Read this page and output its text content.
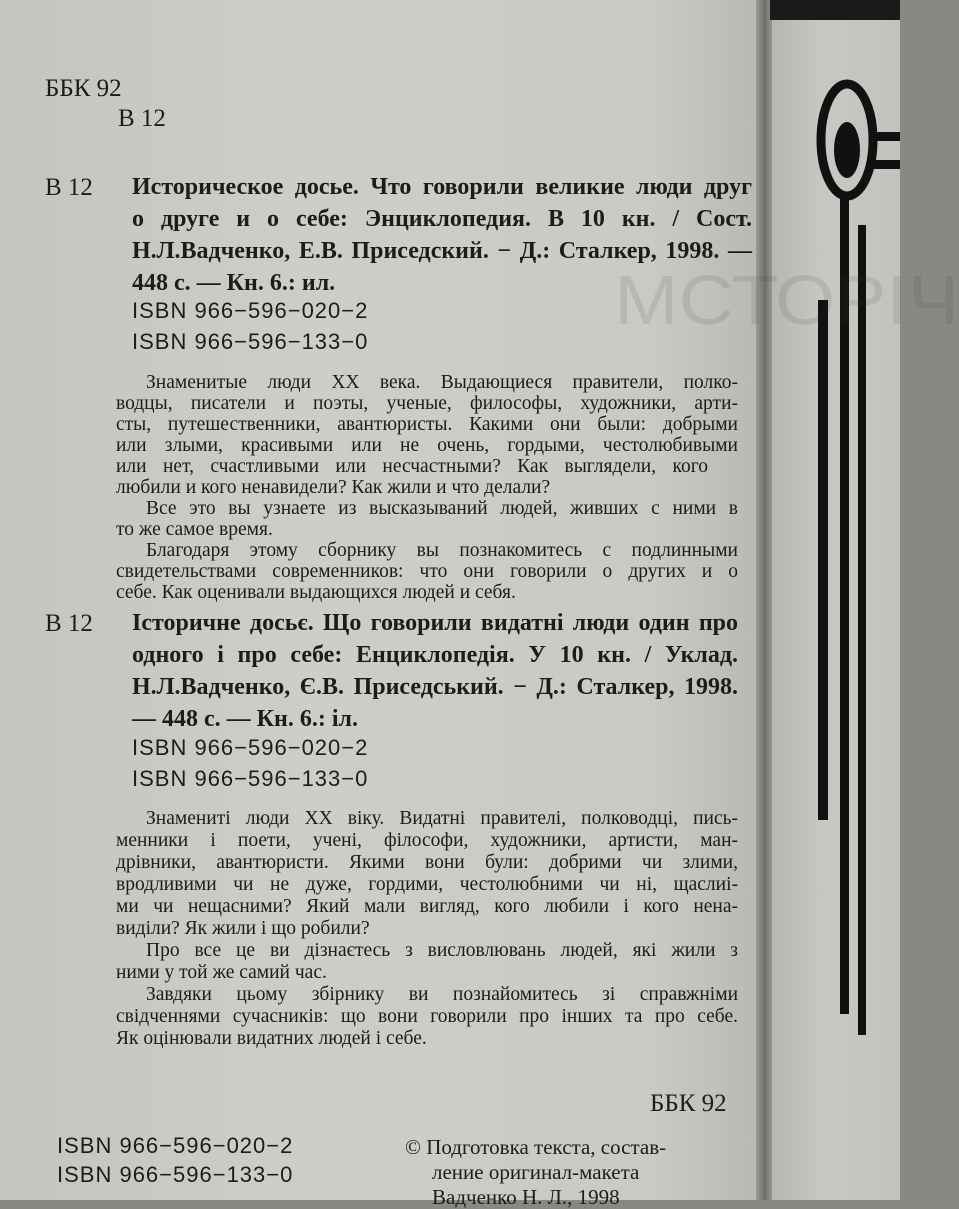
МСТОРІЧ
ББК 92
В 12
В 12 Историческое досье. Что говорили великие люди друг
о друге и о себе: Энциклопедия. В 10 кн. / Сост.
Н.Л.Вадченко, Е.В. Приседский. − Д.: Сталкер, 1998. —
448 с. — Кн. 6.: ил.
ISBN 966−596−020−2
ISBN 966−596−133−0
Знаменитые люди XX века. Выдающиеся правители, полко-
водцы, писатели и поэты, ученые, философы, художники, арти-
сты, путешественники, авантюристы. Какими они были: добрыми
или злыми, красивыми или не очень, гордыми, честолюбивыми
или нет, счастливыми или несчастными? Как выглядели, кого
любили и кого ненавидели? Как жили и что делали?
Все это вы узнаете из высказываний людей, живших с ними в
то же самое время.
Благодаря этому сборнику вы познакомитесь с подлинными
свидетельствами современников: что они говорили о других и о
себе. Как оценивали выдающихся людей и себя.
В 12 Історичне досьє. Що говорили видатні люди один про
одного і про себе: Енциклопедія. У 10 кн. / Уклад.
Н.Л.Вадченко, Є.В. Приседський. − Д.: Сталкер, 1998.
— 448 с. — Кн. 6.: іл.
ISBN 966−596−020−2
ISBN 966−596−133−0
Знамениті люди XX віку. Видатні правителі, полководці, пись-
менники і поети, учені, філософи, художники, артисти, ман-
дрівники, авантюристи. Якими вони були: добрими чи злими,
вродливими чи не дуже, гордими, честолюбними чи ні, щаслиі-
ми чи нещасними? Який мали вигляд, кого любили і кого нена-
виділи? Як жили і що робили?
Про все це ви дізнаєтесь з висловлювань людей, які жили з
ними у той же самий час.
Завдяки цьому збірнику ви познайомитесь зі справжніми
свідченнями сучасників: що вони говорили про інших та про себе.
Як оцінювали видатних людей і себе.
ББК 92
ISBN 966−596−020−2
ISBN 966−596−133−0
© Подготовка текста, состав-
ление оригинал-макета
Вадченко Н. Л., 1998
